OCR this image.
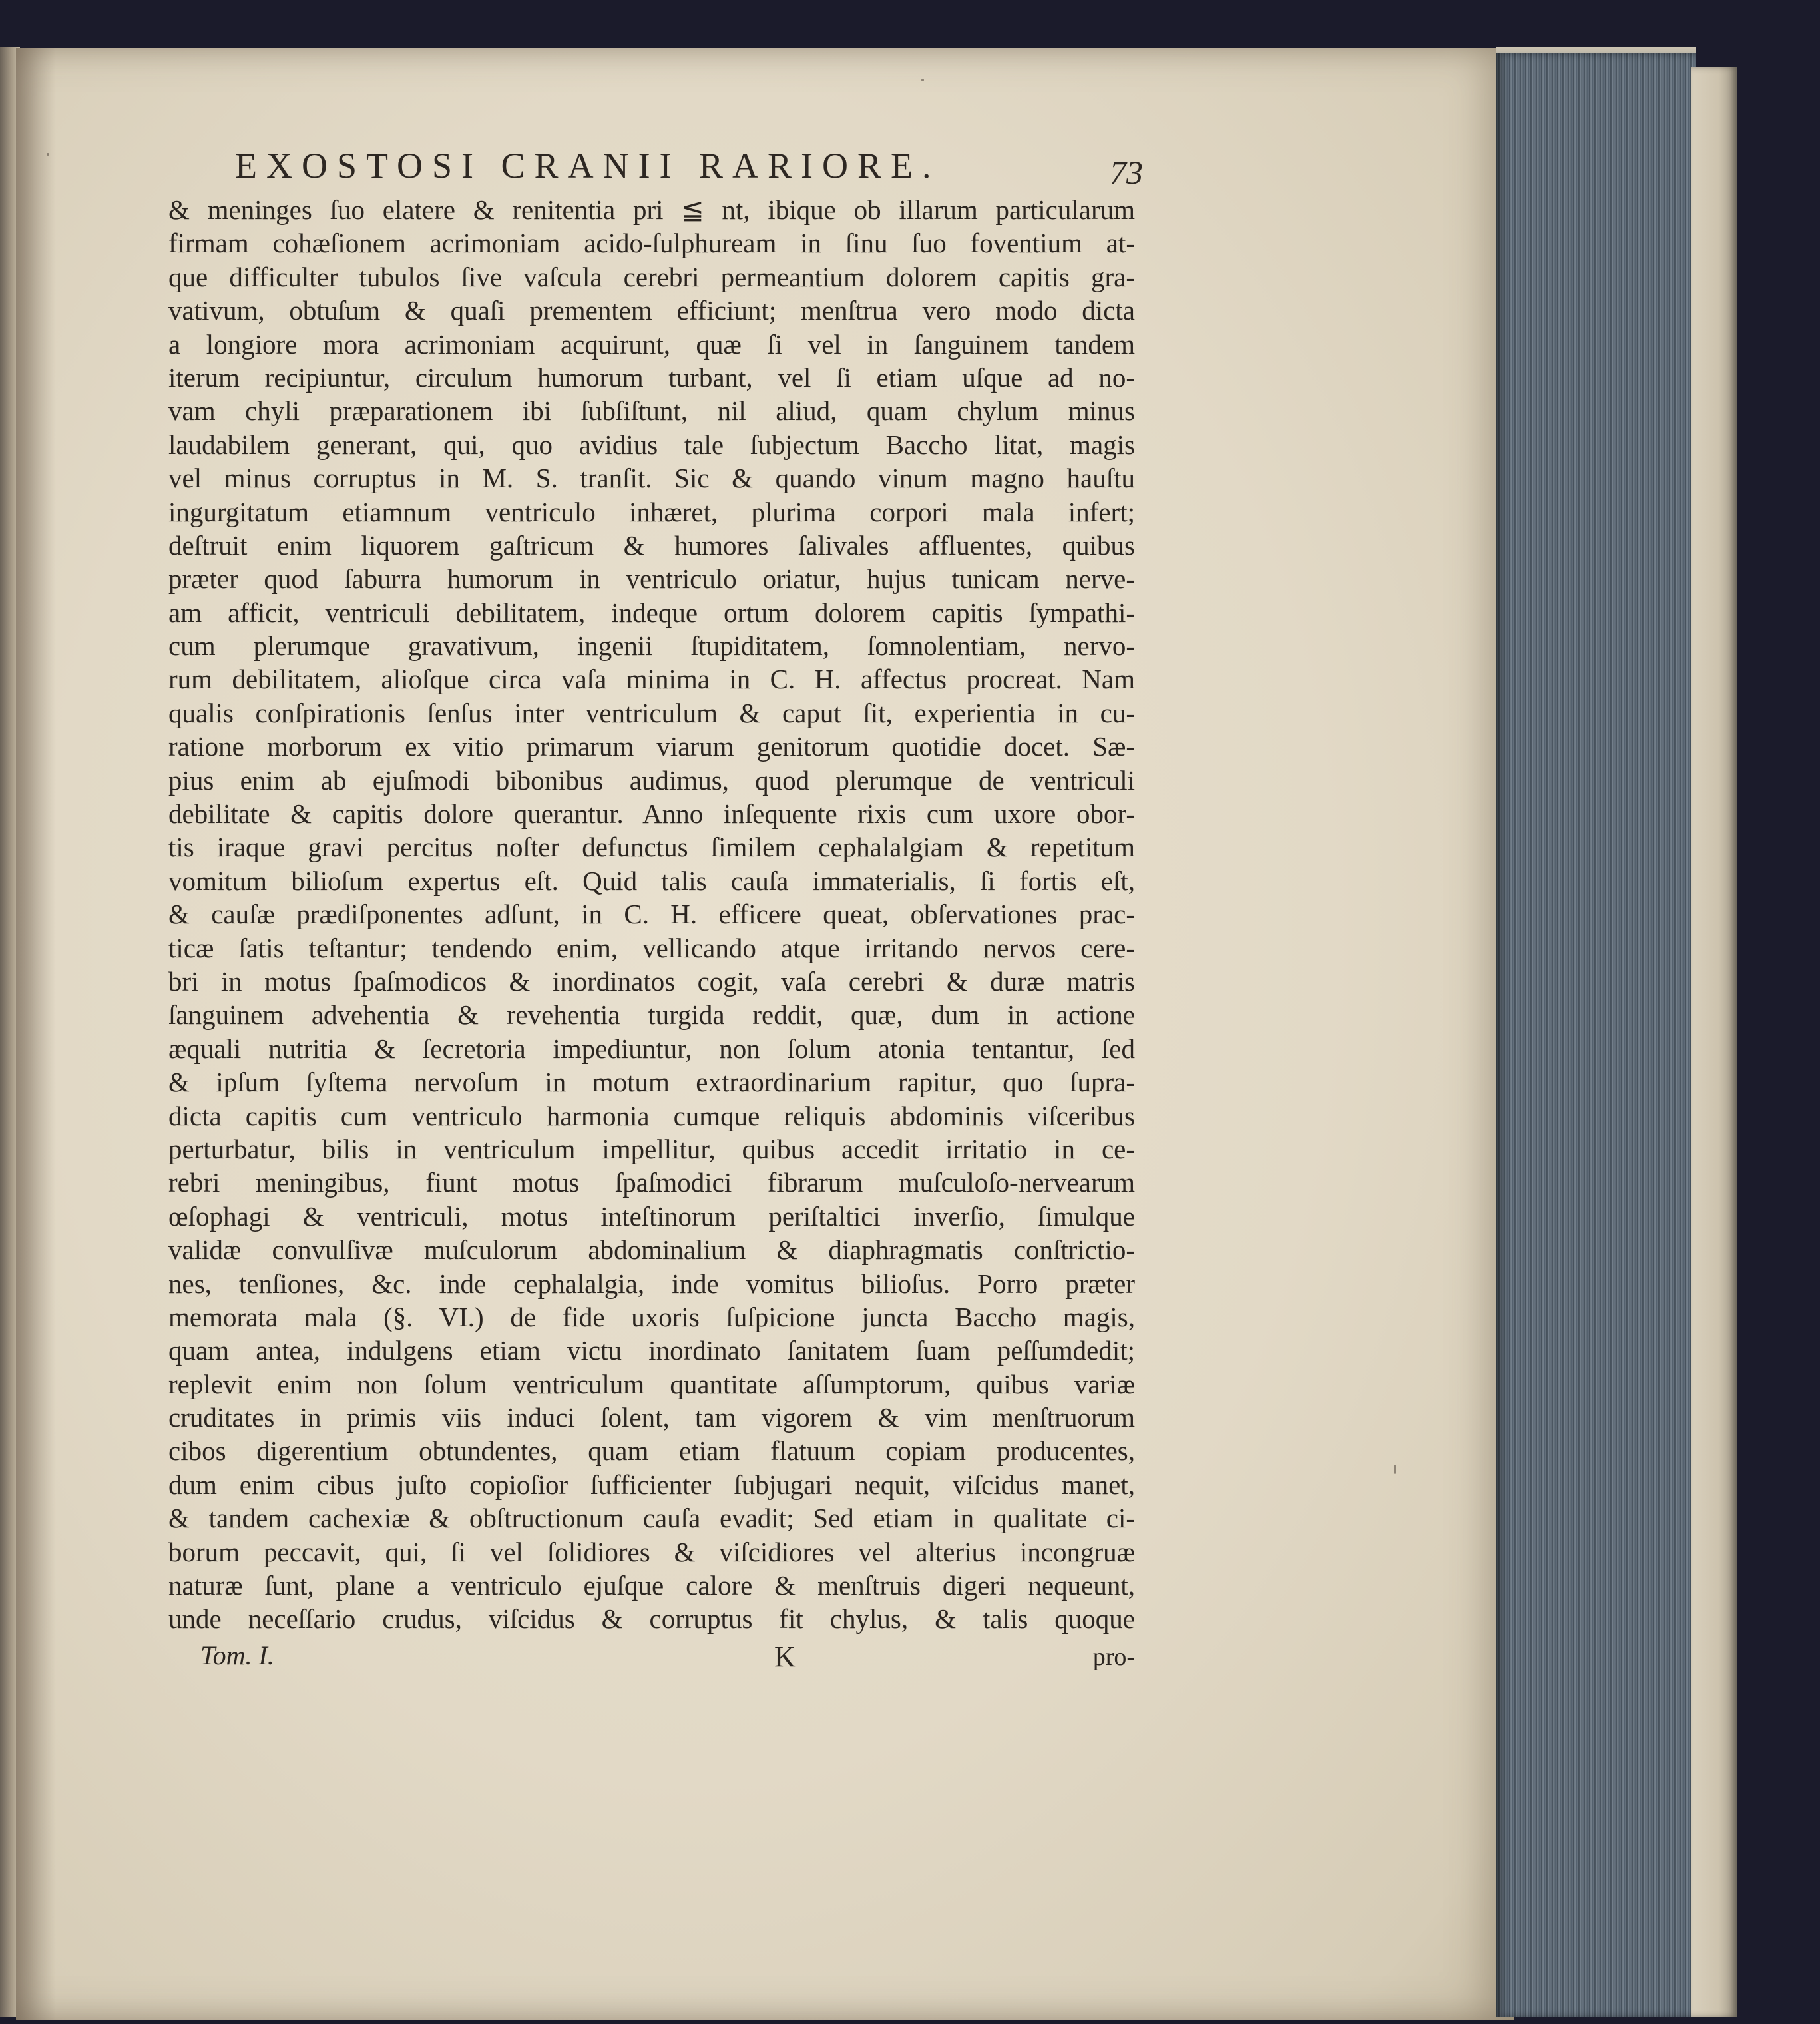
EXOSTOSI CRANII RARIORE.	73
& meninges ſuo elatere & renitentia pri ≦ nt, ibique ob illarum particularum
firmam cohæſionem acrimoniam acido-ſulphuream in ſinu ſuo foventium at-
que difficulter tubulos ſive vaſcula cerebri permeantium dolorem capitis gra-
vativum, obtuſum & quaſi prementem efficiunt; menſtrua vero modo dicta
a longiore mora acrimoniam acquirunt, quæ ſi vel in ſanguinem tandem
iterum recipiuntur, circulum humorum turbant, vel ſi etiam uſque ad no-
vam chyli præparationem ibi ſubſiſtunt, nil aliud, quam chylum minus
laudabilem generant, qui, quo avidius tale ſubjectum Baccho litat, magis
vel minus corruptus in M. S. tranſit. Sic & quando vinum magno hauſtu
ingurgitatum etiamnum ventriculo inhæret, plurima corpori mala infert;
deſtruit enim liquorem gaſtricum & humores ſalivales affluentes, quibus
præter quod ſaburra humorum in ventriculo oriatur, hujus tunicam nerve-
am afficit, ventriculi debilitatem, indeque ortum dolorem capitis ſympathi-
cum plerumque gravativum, ingenii ſtupiditatem, ſomnolentiam, nervo-
rum debilitatem, alioſque circa vaſa minima in C. H. affectus procreat. Nam
qualis conſpirationis ſenſus inter ventriculum & caput ſit, experientia in cu-
ratione morborum ex vitio primarum viarum genitorum quotidie docet. Sæ-
pius enim ab ejuſmodi bibonibus audimus, quod plerumque de ventriculi
debilitate & capitis dolore querantur. Anno inſequente rixis cum uxore obor-
tis iraque gravi percitus noſter defunctus ſimilem cephalalgiam & repetitum
vomitum bilioſum expertus eſt. Quid talis cauſa immaterialis, ſi fortis eſt,
& cauſæ prædiſponentes adſunt, in C. H. efficere queat, obſervationes prac-
ticæ ſatis teſtantur; tendendo enim, vellicando atque irritando nervos cere-
bri in motus ſpaſmodicos & inordinatos cogit, vaſa cerebri & duræ matris
ſanguinem advehentia & revehentia turgida reddit, quæ, dum in actione
æquali nutritia & ſecretoria impediuntur, non ſolum atonia tentantur, ſed
& ipſum ſyſtema nervoſum in motum extraordinarium rapitur, quo ſupra-
dicta capitis cum ventriculo harmonia cumque reliquis abdominis viſceribus
perturbatur, bilis in ventriculum impellitur, quibus accedit irritatio in ce-
rebri meningibus, fiunt motus ſpaſmodici fibrarum muſculoſo-nervearum
œſophagi & ventriculi, motus inteſtinorum periſtaltici inverſio, ſimulque
validæ convulſivæ muſculorum abdominalium & diaphragmatis conſtrictio-
nes, tenſiones, &c. inde cephalalgia, inde vomitus bilioſus. Porro præter
memorata mala (§. VI.) de fide uxoris ſuſpicione juncta Baccho magis,
quam antea, indulgens etiam victu inordinato ſanitatem ſuam peſſumdedit;
replevit enim non ſolum ventriculum quantitate aſſumptorum, quibus variæ
cruditates in primis viis induci ſolent, tam vigorem & vim menſtruorum
cibos digerentium obtundentes, quam etiam flatuum copiam producentes,
dum enim cibus juſto copioſior ſufficienter ſubjugari nequit, viſcidus manet,
& tandem cachexiæ & obſtructionum cauſa evadit; Sed etiam in qualitate ci-
borum peccavit, qui, ſi vel ſolidiores & viſcidiores vel alterius incongruæ
naturæ ſunt, plane a ventriculo ejuſque calore & menſtruis digeri nequeunt,
unde neceſſario crudus, viſcidus & corruptus fit chylus, & talis quoque
Tom. I.	K	pro-
